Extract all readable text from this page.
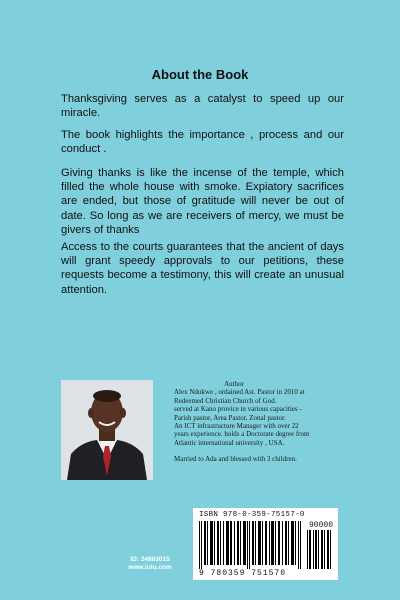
About the Book
Thanksgiving serves as a catalyst to speed up our miracle.
The book highlights the importance , process and our conduct .
Giving thanks is like the incense of the temple, which filled the whole house with smoke. Expiatory sacrifices are ended, but those of gratitude will never be out of date. So long as we are receivers of mercy, we must be givers of thanks
Access to the courts guarantees that the ancient of days will grant speedy approvals to our petitions, these requests become a testimony, this will create an unusual attention.
Author
Alex Ndukwe , ordained Ast. Pastor in 2010 at
Redeemed Christian Church of God.
served at Kano provice in various capacities -
Parish pastor, Area Pastor, Zonal pastor.
An ICT infrastructure Manager with over 22
years experience. holds a Doctorate degree from
Atlantic international university , USA.
Married to Ada and blessed with 3 children.
ID: 24883015
www.lulu.com
ISBN 978-0-359-75157-0
90000
9 780359 751570
